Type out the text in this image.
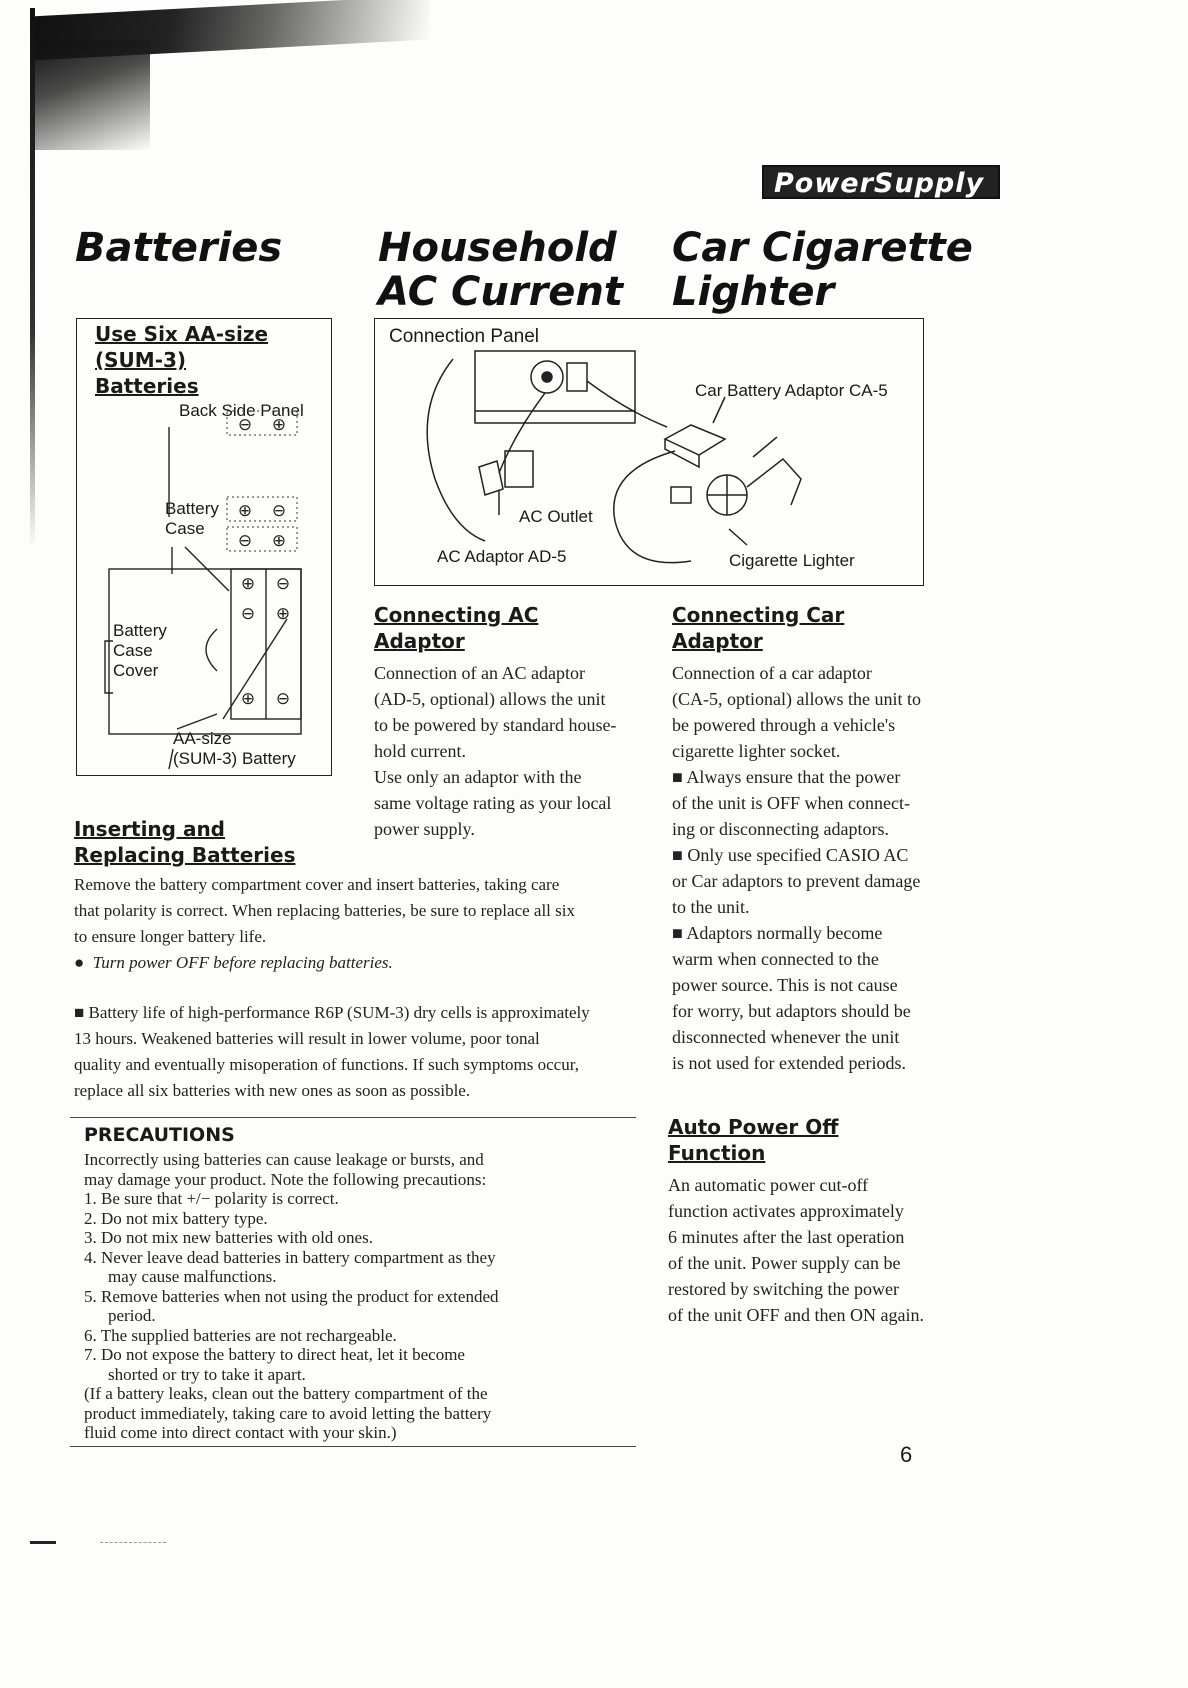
PowerSupply
Batteries Household
AC Current
Car Cigarette
Lighter
Use Six AA-size
(SUM-3)
Batteries
Back Side Panel
Battery
Case
Battery
Case
Cover
AA-size
(SUM-3) Battery
⊖ ⊕
⊕ ⊖
⊖ ⊕
⊕ ⊖
⊖ ⊕
⊕ ⊖
Connection Panel
Car Battery Adaptor CA-5
AC Outlet
AC Adaptor AD-5	Cigarette Lighter
Connecting AC
Adaptor
Connection of an AC adaptor
(AD-5, optional) allows the unit
to be powered by standard house-
hold current.
Use only an adaptor with the
same voltage rating as your local
power supply.
Connecting Car
Adaptor
Connection of a car adaptor
(CA-5, optional) allows the unit to
be powered through a vehicle's
cigarette lighter socket.
■ Always ensure that the power
of the unit is OFF when connect-
ing or disconnecting adaptors.
■ Only use specified CASIO AC
or Car adaptors to prevent damage
to the unit.
■ Adaptors normally become
warm when connected to the
power source. This is not cause
for worry, but adaptors should be
disconnected whenever the unit
is not used for extended periods.
Auto Power Off
Function
An automatic power cut-off
function activates approximately
6 minutes after the last operation
of the unit. Power supply can be
restored by switching the power
of the unit OFF and then ON again.
Inserting and
Replacing Batteries
Remove the battery compartment cover and insert batteries, taking care
that polarity is correct. When replacing batteries, be sure to replace all six
to ensure longer battery life.
●  Turn power OFF before replacing batteries.
■ Battery life of high-performance R6P (SUM-3) dry cells is approximately
13 hours. Weakened batteries will result in lower volume, poor tonal
quality and eventually misoperation of functions. If such symptoms occur,
replace all six batteries with new ones as soon as possible.
PRECAUTIONS

Incorrectly using batteries can cause leakage or bursts, and

may damage your product. Note the following precautions:

1. Be sure that +/− polarity is correct.

2. Do not mix battery type.

3. Do not mix new batteries with old ones.

4. Never leave dead batteries in battery compartment as they

may cause malfunctions.

5. Remove batteries when not using the product for extended

period.

6. The supplied batteries are not rechargeable.

7. Do not expose the battery to direct heat, let it become

shorted or try to take it apart.

(If a battery leaks, clean out the battery compartment of the

product immediately, taking care to avoid letting the battery

fluid come into direct contact with your skin.)

6
